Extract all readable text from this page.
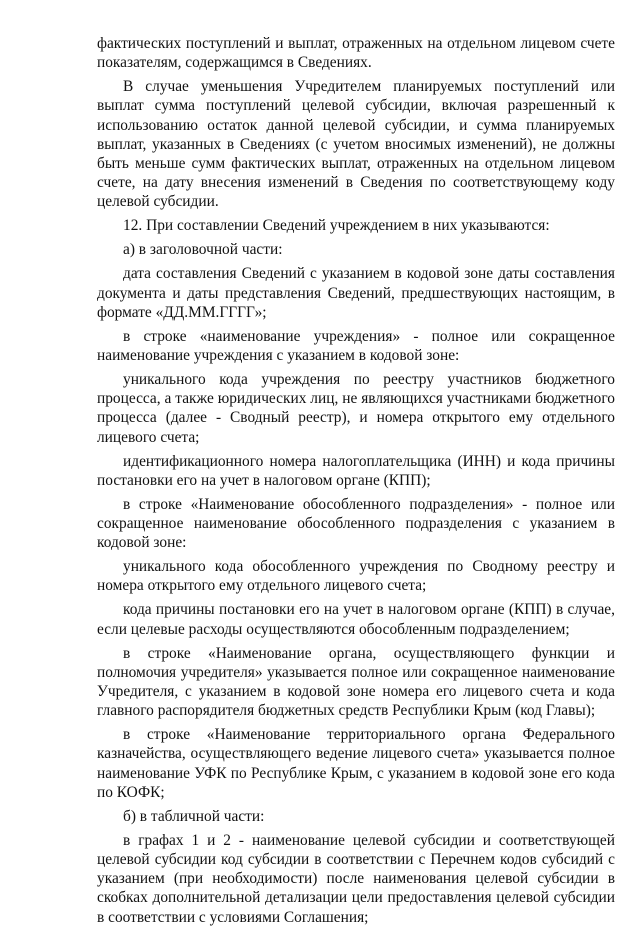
фактических поступлений и выплат, отраженных на отдельном лицевом счете показателям, содержащимся в Сведениях.

В случае уменьшения Учредителем планируемых поступлений или выплат сумма поступлений целевой субсидии, включая разрешенный к использованию остаток данной целевой субсидии, и сумма планируемых выплат, указанных в Сведениях (с учетом вносимых изменений), не должны быть меньше сумм фактических выплат, отраженных на отдельном лицевом счете, на дату внесения изменений в Сведения по соответствующему коду целевой субсидии.

12. При составлении Сведений учреждением в них указываются:

а) в заголовочной части:

дата составления Сведений с указанием в кодовой зоне даты составления документа и даты представления Сведений, предшествующих настоящим, в формате «ДД.ММ.ГГГГ»;

в строке «наименование учреждения» - полное или сокращенное наименование учреждения с указанием в кодовой зоне:

уникального кода учреждения по реестру участников бюджетного процесса, а также юридических лиц, не являющихся участниками бюджетного процесса (далее - Сводный реестр), и номера открытого ему отдельного лицевого счета;

идентификационного номера налогоплательщика (ИНН) и кода причины постановки его на учет в налоговом органе (КПП);

в строке «Наименование обособленного подразделения» - полное или сокращенное наименование обособленного подразделения с указанием в кодовой зоне:

уникального кода обособленного учреждения по Сводному реестру и номера открытого ему отдельного лицевого счета;

кода причины постановки его на учет в налоговом органе (КПП) в случае, если целевые расходы осуществляются обособленным подразделением;

в строке «Наименование органа, осуществляющего функции и полномочия учредителя» указывается полное или сокращенное наименование Учредителя, с указанием в кодовой зоне номера его лицевого счета и кода главного распорядителя бюджетных средств Республики Крым (код Главы);

в строке «Наименование территориального органа Федерального казначейства, осуществляющего ведение лицевого счета» указывается полное наименование УФК по Республике Крым, с указанием в кодовой зоне его кода по КОФК;

б) в табличной части:

в графах 1 и 2 - наименование целевой субсидии и соответствующей целевой субсидии код субсидии в соответствии с Перечнем кодов субсидий с указанием (при необходимости) после наименования целевой субсидии в скобках дополнительной детализации цели предоставления целевой субсидии в соответствии с условиями Соглашения;
